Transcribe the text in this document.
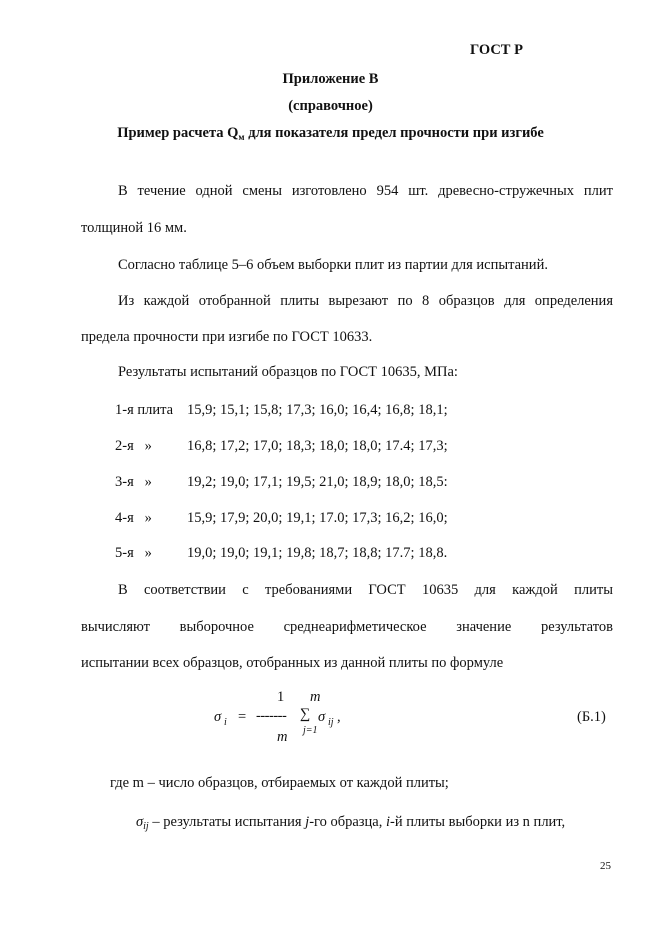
ГОСТ Р
Приложение В
(справочное)
Пример расчета $Q_м$ для показателя предел прочности при изгибе
В течение одной смены изготовлено 954 шт. древесно-стружечных плит
толщиной 16 мм.
Согласно таблице 5–6 объем выборки плит из партии для испытаний.
Из каждой отобранной плиты вырезают по 8 образцов для определения
предела прочности при изгибе по ГОСТ 10633.
Результаты испытаний образцов по ГОСТ 10635, МПа:
1-я плита 15,9; 15,1; 15,8; 17,3; 16,0; 16,4; 16,8; 18,1;
2-я   » 16,8; 17,2; 17,0; 18,3; 18,0; 18,0; 17.4; 17,3;
3-я   » 19,2; 19,0; 17,1; 19,5; 21,0; 18,9; 18,0; 18,5:
4-я   » 15,9; 17,9; 20,0; 19,1; 17.0; 17,3; 16,2; 16,0;
5-я   » 19,0; 19,0; 19,1; 19,8; 18,7; 18,8; 17.7; 18,8.
В соответствии с требованиями ГОСТ 10635 для каждой плиты
вычисляют выборочное среднеарифметическое значение результатов
испытании всех образцов, отобранных из данной плиты по формуле
1 m
σ i = ------- ∑ σ ij ,
j=1
m
(Б.1)
где m – число образцов, отбираемых от каждой плиты;
$\sigma_{ij}$ – результаты испытания j-го образца, i-й плиты выборки из n плит,
25
